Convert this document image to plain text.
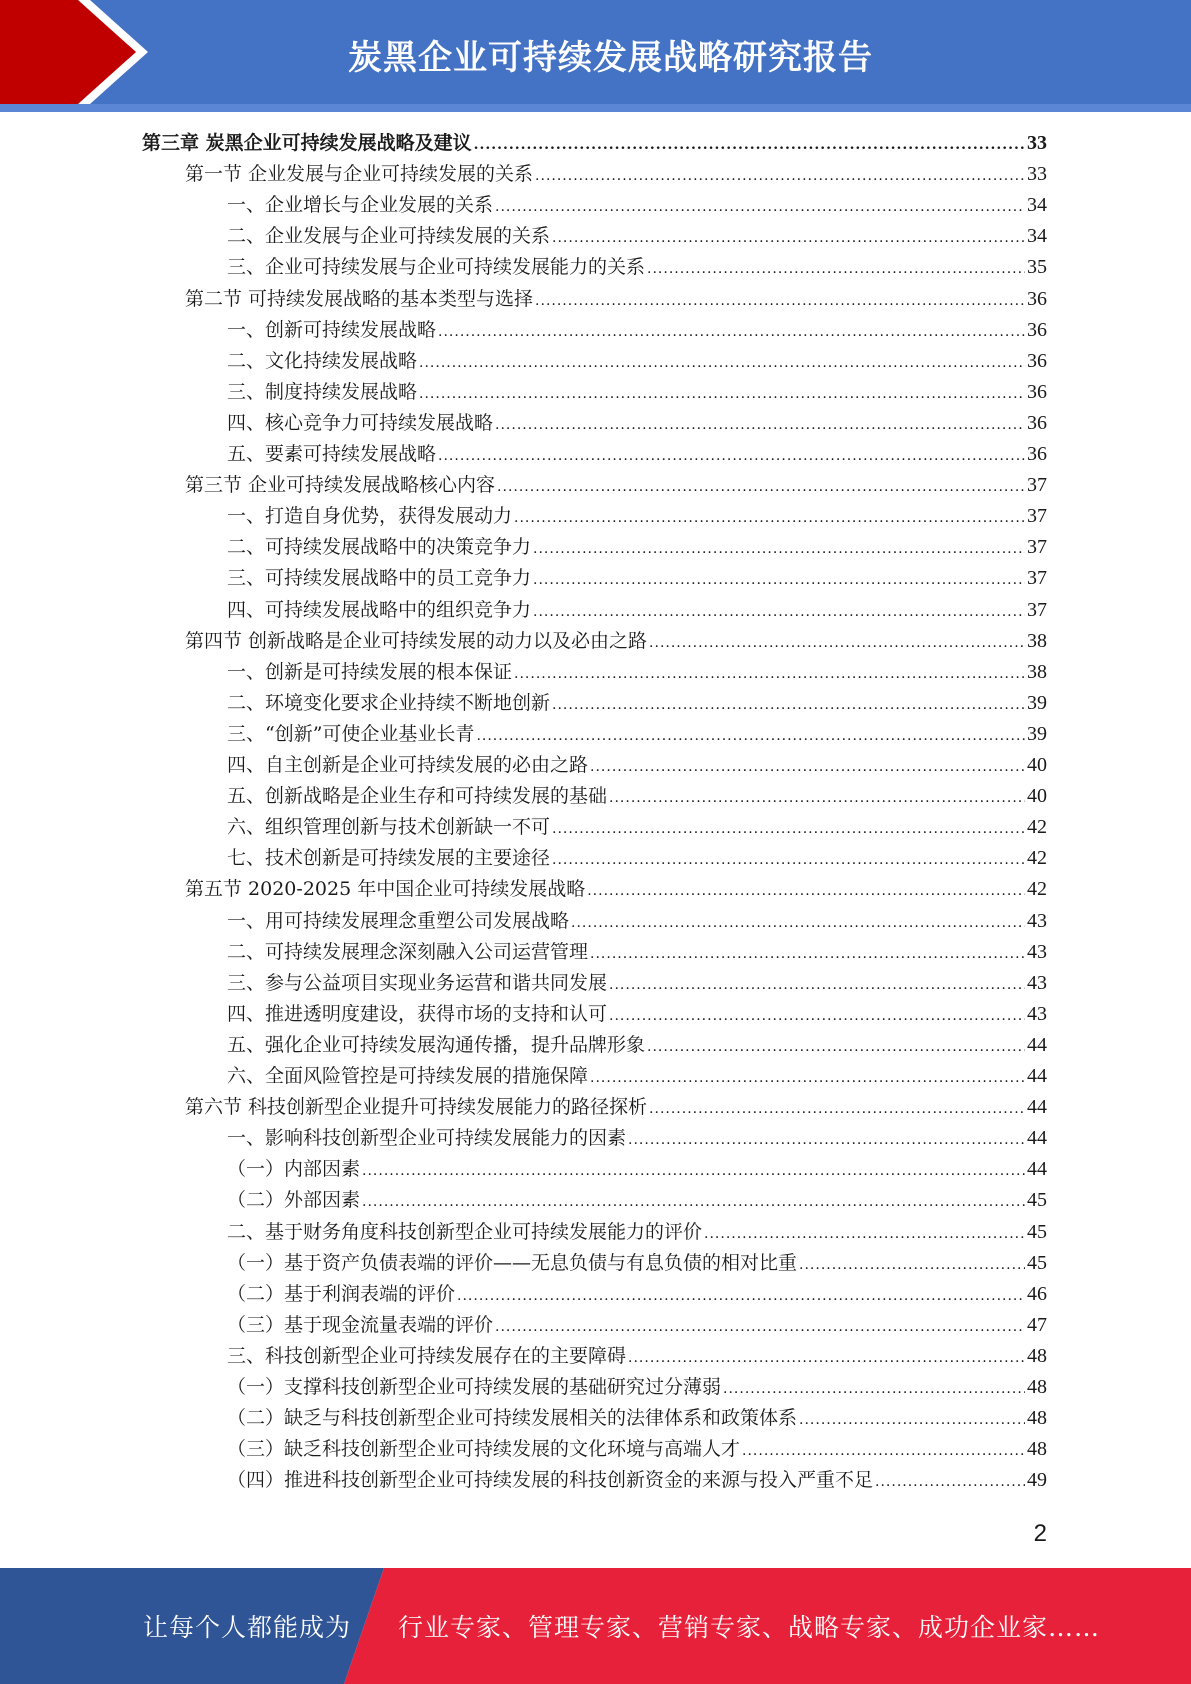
炭黑企业可持续发展战略研究报告
第三章 炭黑企业可持续发展战略及建议 .....	33
第一节 企业发展与企业可持续发展的关系 .....	33
一、企业增长与企业发展的关系 .....	34
二、企业发展与企业可持续发展的关系 .....	34
三、企业可持续发展与企业可持续发展能力的关系 .....	35
第二节 可持续发展战略的基本类型与选择 .....	36
一、创新可持续发展战略 .....	36
二、文化持续发展战略 .....	36
三、制度持续发展战略 .....	36
四、核心竞争力可持续发展战略 .....	36
五、要素可持续发展战略 .....	36
第三节 企业可持续发展战略核心内容 .....	37
一、打造自身优势，获得发展动力 .....	37
二、可持续发展战略中的决策竞争力 .....	37
三、可持续发展战略中的员工竞争力 .....	37
四、可持续发展战略中的组织竞争力 .....	37
第四节 创新战略是企业可持续发展的动力以及必由之路 .....	38
一、创新是可持续发展的根本保证 .....	38
二、环境变化要求企业持续不断地创新 .....	39
三、“创新”可使企业基业长青 .....	39
四、自主创新是企业可持续发展的必由之路 .....	40
五、创新战略是企业生存和可持续发展的基础 .....	40
六、组织管理创新与技术创新缺一不可 .....	42
七、技术创新是可持续发展的主要途径 .....	42
第五节 2020-2025 年中国企业可持续发展战略 .....	42
一、用可持续发展理念重塑公司发展战略 .....	43
二、可持续发展理念深刻融入公司运营管理 .....	43
三、参与公益项目实现业务运营和谐共同发展 .....	43
四、推进透明度建设，获得市场的支持和认可 .....	43
五、强化企业可持续发展沟通传播，提升品牌形象 .....	44
六、全面风险管控是可持续发展的措施保障 .....	44
第六节 科技创新型企业提升可持续发展能力的路径探析 .....	44
一、影响科技创新型企业可持续发展能力的因素 .....	44
（一）内部因素 .....	44
（二）外部因素 .....	45
二、基于财务角度科技创新型企业可持续发展能力的评价 .....	45
（一）基于资产负债表端的评价——无息负债与有息负债的相对比重 .....	45
（二）基于利润表端的评价 .....	46
（三）基于现金流量表端的评价 .....	47
三、科技创新型企业可持续发展存在的主要障碍 .....	48
（一）支撑科技创新型企业可持续发展的基础研究过分薄弱 .....	48
（二）缺乏与科技创新型企业可持续发展相关的法律体系和政策体系 .....	48
（三）缺乏科技创新型企业可持续发展的文化环境与高端人才 .....	48
（四）推进科技创新型企业可持续发展的科技创新资金的来源与投入严重不足 .....	49
2
让每个人都能成为 行业专家、管理专家、营销专家、战略专家、成功企业家……
